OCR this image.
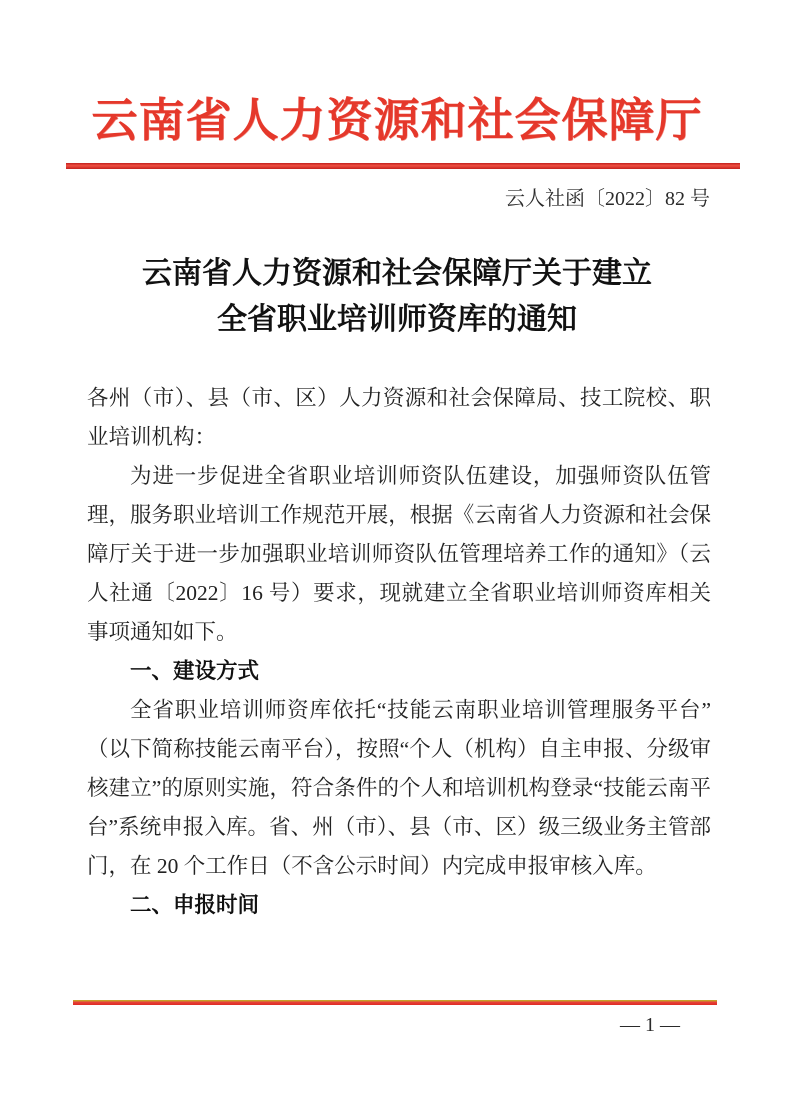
云南省人力资源和社会保障厅
云人社函〔2022〕82 号
云南省人力资源和社会保障厅关于建立
全省职业培训师资库的通知

各州（市）、县（市、区）人力资源和社会保障局、技工院校、职业培训机构：

为进一步促进全省职业培训师资队伍建设，加强师资队伍管理，服务职业培训工作规范开展，根据《云南省人力资源和社会保障厅关于进一步加强职业培训师资队伍管理培养工作的通知》（云人社通〔2022〕16 号）要求，现就建立全省职业培训师资库相关事项通知如下。

一、建设方式

全省职业培训师资库依托“技能云南职业培训管理服务平台”（以下简称技能云南平台），按照“个人（机构）自主申报、分级审核建立”的原则实施，符合条件的个人和培训机构登录“技能云南平台”系统申报入库。省、州（市）、县（市、区）级三级业务主管部门，在 20 个工作日（不含公示时间）内完成申报审核入库。

二、申报时间

— 1 —
